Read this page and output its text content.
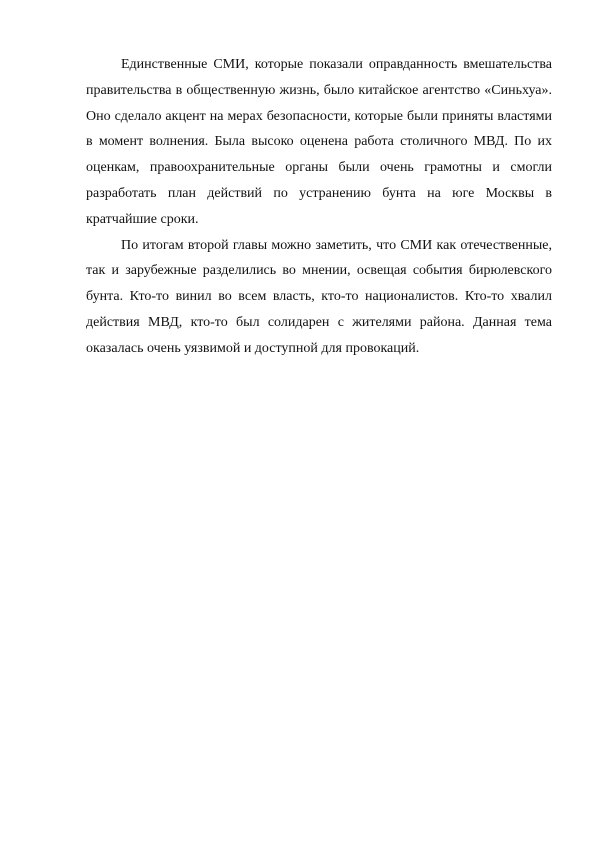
Единственные СМИ, которые показали оправданность вмешательства правительства в общественную жизнь, было китайское агентство «Синьхуа». Оно сделало акцент на мерах безопасности, которые были приняты властями в момент волнения. Была высоко оценена работа столичного МВД. По их оценкам, правоохранительные органы были очень грамотны и смогли разработать план действий по устранению бунта на юге Москвы в кратчайшие сроки.

По итогам второй главы можно заметить, что СМИ как отечественные, так и зарубежные разделились во мнении, освещая события бирюлевского бунта. Кто-то винил во всем власть, кто-то националистов. Кто-то хвалил действия МВД, кто-то был солидарен с жителями района. Данная тема оказалась очень уязвимой и доступной для провокаций.
